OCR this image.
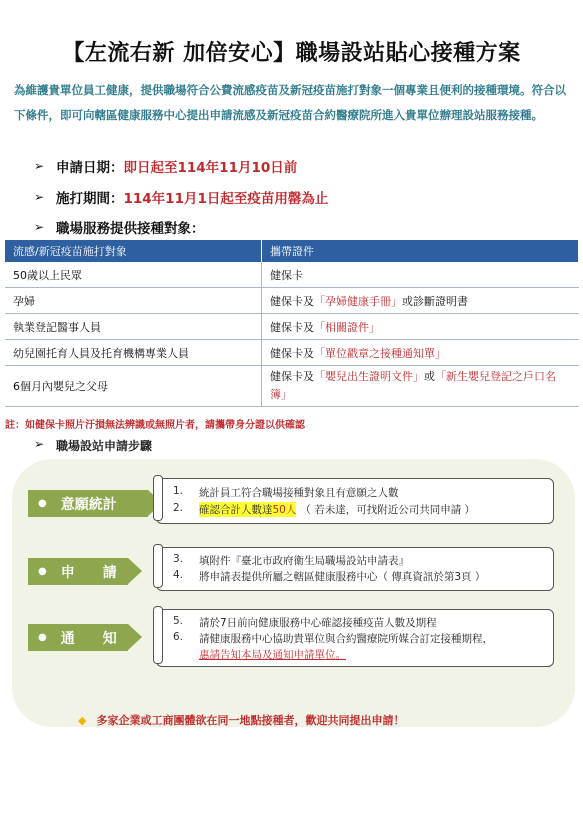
【左流右新 加倍安心】職場設站貼心接種方案
為維護貴單位員工健康，提供職場符合公費流感疫苗及新冠疫苗施打對象一個專業且便利的接種環境。符合以下條件，即可向轄區健康服務中心提出申請流感及新冠疫苗合約醫療院所進入貴單位辦理設站服務接種。
➢ 申請日期： 即日起至114年11月10日前
➢ 施打期間： 114年11月1日起至疫苗用罄為止
➢ 職場服務提供接種對象：
流感/新冠疫苗施打對象	攜帶證件
50歲以上民眾	健保卡
孕婦	健保卡及「孕婦健康手冊」或診斷證明書
執業登記醫事人員	健保卡及「相關證件」
幼兒園托育人員及托育機構專業人員	健保卡及「單位戳章之接種通知單」
6個月內嬰兒之父母	健保卡及「嬰兒出生證明文件」或「新生嬰兒登記之戶口名簿」
註：如健保卡照片汙損無法辨識或無照片者，請攜帶身分證以供確認
➢ 職場設站申請步驟
● 意願統計
● 申　　請
● 通　　知
1.	統計員工符合職場接種對象且有意願之人數
2.	確認合計人數達 50人 （ 若未達，可找附近公司共同申請 ）
3.	填附件『臺北市政府衛生局職場設站申請表』
4.	將申請表提供所屬之轄區健康服務中心（ 傳真資訊於第3頁 ）
5.	請於7日前向健康服務中心確認接種疫苗人數及期程
6.	請健康服務中心協助貴單位與合約醫療院所媒合訂定接種期程，
惠請告知本局及通知申請單位。
◆ 多家企業或工商團體欲在同一地點接種者，歡迎共同提出申請！
